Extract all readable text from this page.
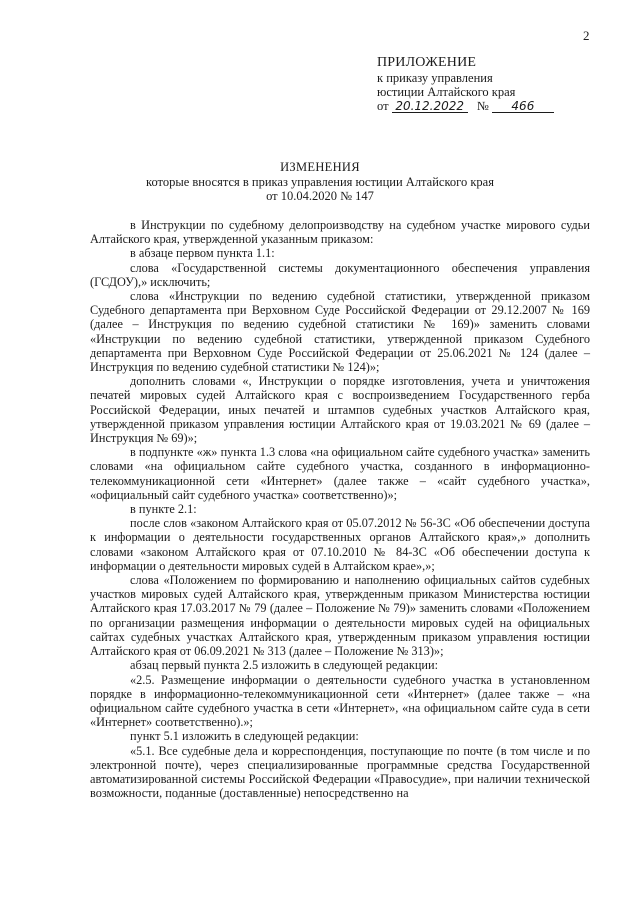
2
ПРИЛОЖЕНИЕ
к приказу управления
юстиции Алтайского края
от 20.12.2022 № 466
ИЗМЕНЕНИЯ
которые вносятся в приказ управления юстиции Алтайского края
от 10.04.2020 № 147

в Инструкции по судебному делопроизводству на судебном участке мирового судьи Алтайского края, утвержденной указанным приказом:

в абзаце первом пункта 1.1:

слова «Государственной системы документационного обеспечения управления (ГСДОУ),» исключить;

слова «Инструкции по ведению судебной статистики, утвержденной приказом Судебного департамента при Верховном Суде Российской Федерации от 29.12.2007 № 169 (далее – Инструкция по ведению судебной статистики № 169)» заменить словами «Инструкции по ведению судебной статистики, утвержденной приказом Судебного департамента при Верховном Суде Российской Федерации от 25.06.2021 № 124 (далее – Инструкция по ведению судебной статистики № 124)»;

дополнить словами «, Инструкции о порядке изготовления, учета и уничтожения печатей мировых судей Алтайского края с воспроизведением Государственного герба Российской Федерации, иных печатей и штампов судебных участков Алтайского края, утвержденной приказом управления юстиции Алтайского края от 19.03.2021 № 69 (далее – Инструкция № 69)»;

в подпункте «ж» пункта 1.3 слова «на официальном сайте судебного участка» заменить словами «на официальном сайте судебного участка, созданного в информационно-телекоммуникационной сети «Интернет» (далее также – «сайт судебного участка», «официальный сайт судебного участка» соответственно)»;

в пункте 2.1:

после слов «законом Алтайского края от 05.07.2012 № 56-ЗС «Об обеспечении доступа к информации о деятельности государственных органов Алтайского края»,» дополнить словами «законом Алтайского края от 07.10.2010 № 84-ЗС «Об обеспечении доступа к информации о деятельности мировых судей в Алтайском крае»,»;

слова «Положением по формированию и наполнению официальных сайтов судебных участков мировых судей Алтайского края, утвержденным приказом Министерства юстиции Алтайского края 17.03.2017 № 79 (далее – Положение № 79)» заменить словами «Положением по организации размещения информации о деятельности мировых судей на официальных сайтах судебных участках Алтайского края, утвержденным приказом управления юстиции Алтайского края от 06.09.2021 № 313 (далее – Положение № 313)»;

абзац первый пункта 2.5 изложить в следующей редакции:

«2.5. Размещение информации о деятельности судебного участка в установленном порядке в информационно-телекоммуникационной сети «Интернет» (далее также – «на официальном сайте судебного участка в сети «Интернет», «на официальном сайте суда в сети «Интернет» соответственно).»;

пункт 5.1 изложить в следующей редакции:

«5.1. Все судебные дела и корреспонденция, поступающие по почте (в том числе и по электронной почте), через специализированные программные средства Государственной автоматизированной системы Российской Федерации «Правосудие», при наличии технической возможности, поданные (доставленные) непосредственно на
